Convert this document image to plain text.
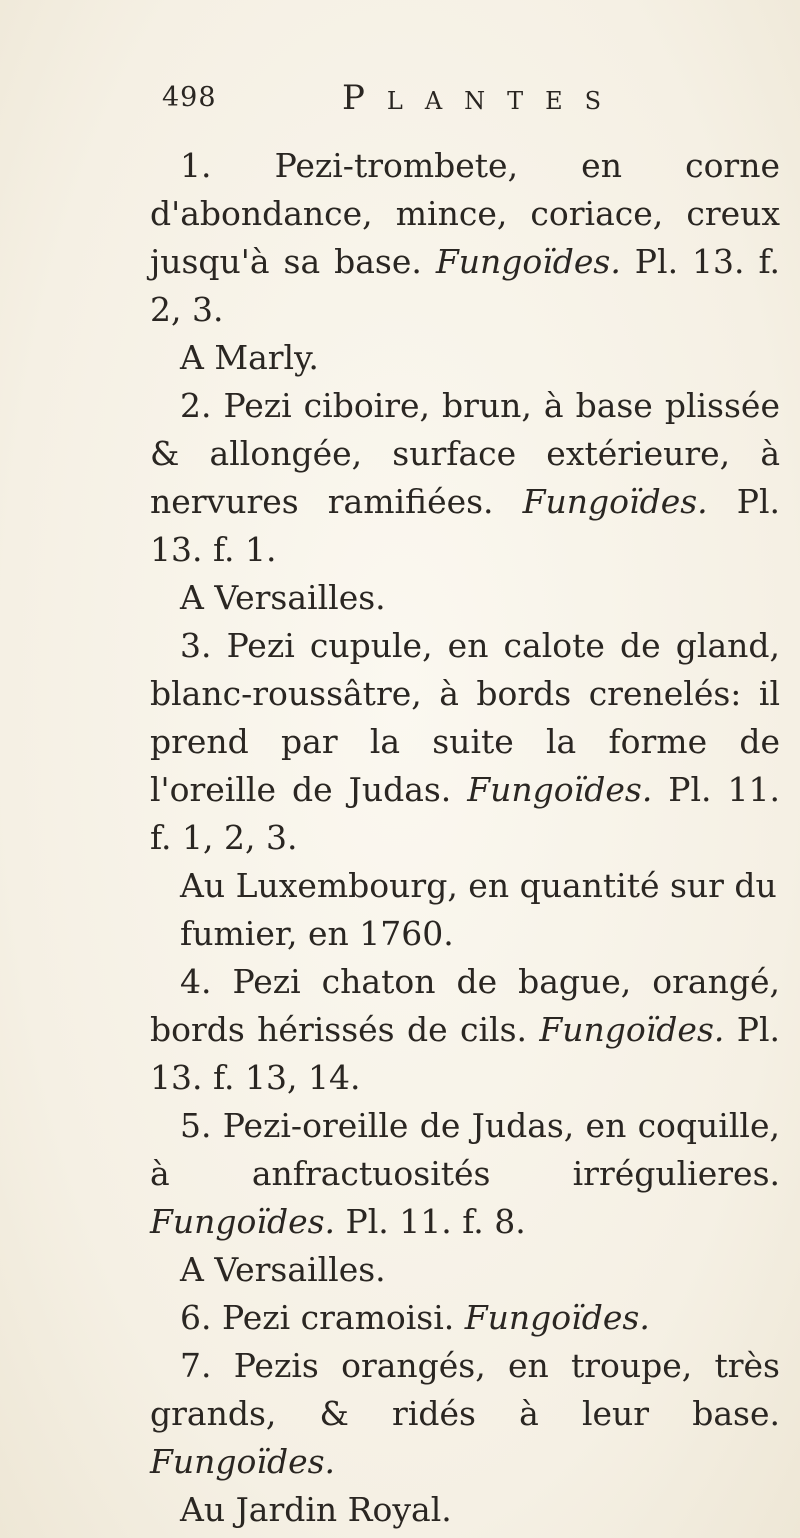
498	Plantes

1. Pezi-trombete, en corne d'abondance, mince, coriace, creux jusqu'à sa base. Fungoïdes. Pl. 13. f. 2, 3.

A Marly.

2. Pezi ciboire, brun, à base plissée & allongée, surface extérieure, à nervures ramifiées. Fungoïdes. Pl. 13. f. 1.

A Versailles.

3. Pezi cupule, en calote de gland, blanc-roussâtre, à bords crenelés: il prend par la suite la forme de l'oreille de Judas. Fungoïdes. Pl. 11. f. 1, 2, 3.

Au Luxembourg, en quantité sur du fumier, en 1760.

4. Pezi chaton de bague, orangé, bords hérissés de cils. Fungoïdes. Pl. 13. f. 13, 14.

5. Pezi-oreille de Judas, en coquille, à anfractuosités irrégulieres. Fungoïdes. Pl. 11. f. 8.

A Versailles.

6. Pezi cramoisi. Fungoïdes.

7. Pezis orangés, en troupe, très grands, & ridés à leur base. Fungoïdes.

Au Jardin Royal.
